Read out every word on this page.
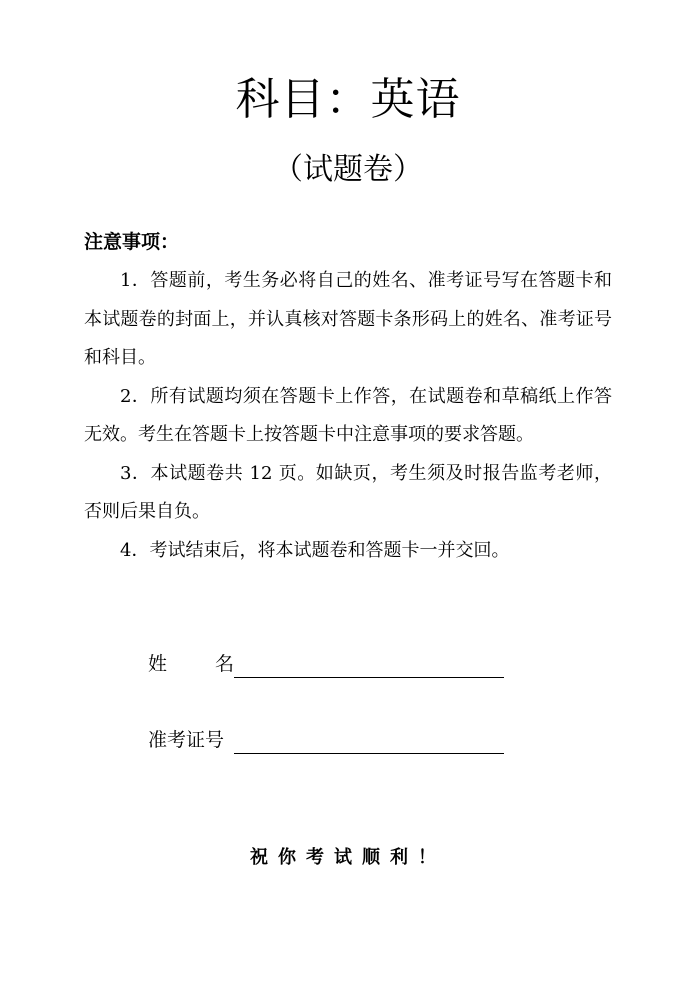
科目：英语
（试题卷）
注意事项：

1．答题前，考生务必将自己的姓名、准考证号写在答题卡和本试题卷的封面上，并认真核对答题卡条形码上的姓名、准考证号和科目。

2．所有试题均须在答题卡上作答，在试题卷和草稿纸上作答无效。考生在答题卡上按答题卡中注意事项的要求答题。

3．本试题卷共 12 页。如缺页，考生须及时报告监考老师，否则后果自负。

4．考试结束后，将本试题卷和答题卡一并交回。

姓	名
准考证号
祝你考试顺利！
